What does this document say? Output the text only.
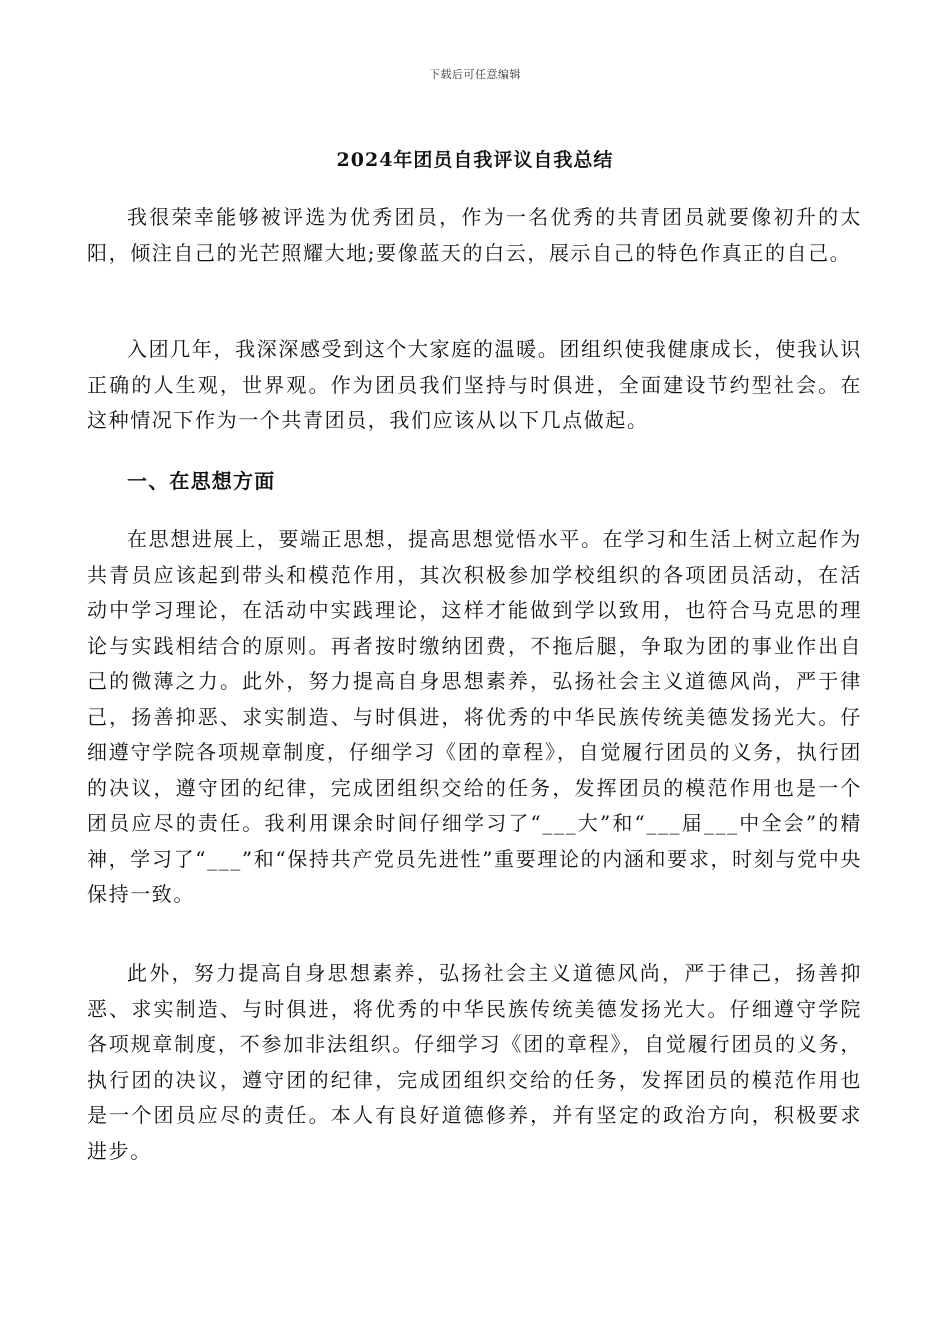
下载后可任意编辑
2024年团员自我评议自我总结

我很荣幸能够被评选为优秀团员，作为一名优秀的共青团员就要像初升的太阳，倾注自己的光芒照耀大地;要像蓝天的白云，展示自己的特色作真正的自己。

入团几年，我深深感受到这个大家庭的温暖。团组织使我健康成长，使我认识正确的人生观，世界观。作为团员我们坚持与时俱进，全面建设节约型社会。在这种情况下作为一个共青团员，我们应该从以下几点做起。

一、在思想方面

在思想进展上，要端正思想，提高思想觉悟水平。在学习和生活上树立起作为共青员应该起到带头和模范作用，其次积极参加学校组织的各项团员活动，在活动中学习理论，在活动中实践理论，这样才能做到学以致用，也符合马克思的理论与实践相结合的原则。再者按时缴纳团费，不拖后腿，争取为团的事业作出自己的微薄之力。此外，努力提高自身思想素养，弘扬社会主义道德风尚，严于律己，扬善抑恶、求实制造、与时俱进，将优秀的中华民族传统美德发扬光大。仔细遵守学院各项规章制度，仔细学习《团的章程》，自觉履行团员的义务，执行团的决议，遵守团的纪律，完成团组织交给的任务，发挥团员的模范作用也是一个团员应尽的责任。我利用课余时间仔细学习了“___大”和“___届___中全会”的精神，学习了“___”和“保持共产党员先进性”重要理论的内涵和要求，时刻与党中央保持一致。

此外，努力提高自身思想素养，弘扬社会主义道德风尚，严于律己，扬善抑恶、求实制造、与时俱进，将优秀的中华民族传统美德发扬光大。仔细遵守学院各项规章制度，不参加非法组织。仔细学习《团的章程》，自觉履行团员的义务，执行团的决议，遵守团的纪律，完成团组织交给的任务，发挥团员的模范作用也是一个团员应尽的责任。本人有良好道德修养，并有坚定的政治方向，积极要求进步。
